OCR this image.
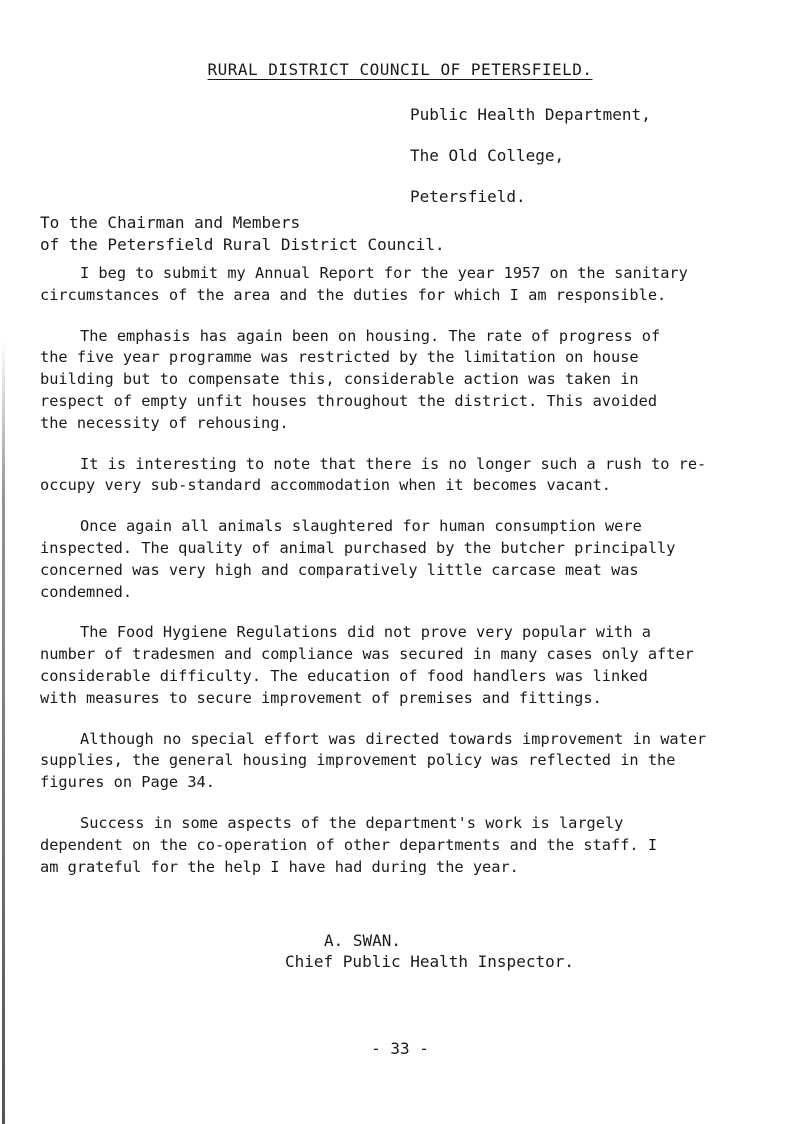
RURAL DISTRICT COUNCIL OF PETERSFIELD.
Public Health Department,
The Old College,
Petersfield.
To the Chairman and Members
of the Petersfield Rural District Council.
I beg to submit my Annual Report for the year 1957 on the sanitary
circumstances of the area and the duties for which I am responsible.
The emphasis has again been on housing. The rate of progress of
the five year programme was restricted by the limitation on house
building but to compensate this, considerable action was taken in
respect of empty unfit houses throughout the district. This avoided
the necessity of rehousing.
It is interesting to note that there is no longer such a rush to re-
occupy very sub-standard accommodation when it becomes vacant.
Once again all animals slaughtered for human consumption were
inspected. The quality of animal purchased by the butcher principally
concerned was very high and comparatively little carcase meat was
condemned.
The Food Hygiene Regulations did not prove very popular with a
number of tradesmen and compliance was secured in many cases only after
considerable difficulty. The education of food handlers was linked
with measures to secure improvement of premises and fittings.
Although no special effort was directed towards improvement in water
supplies, the general housing improvement policy was reflected in the
figures on Page 34.
Success in some aspects of the department's work is largely
dependent on the co-operation of other departments and the staff. I
am grateful for the help I have had during the year.
A. SWAN.
Chief Public Health Inspector.
- 33 -
